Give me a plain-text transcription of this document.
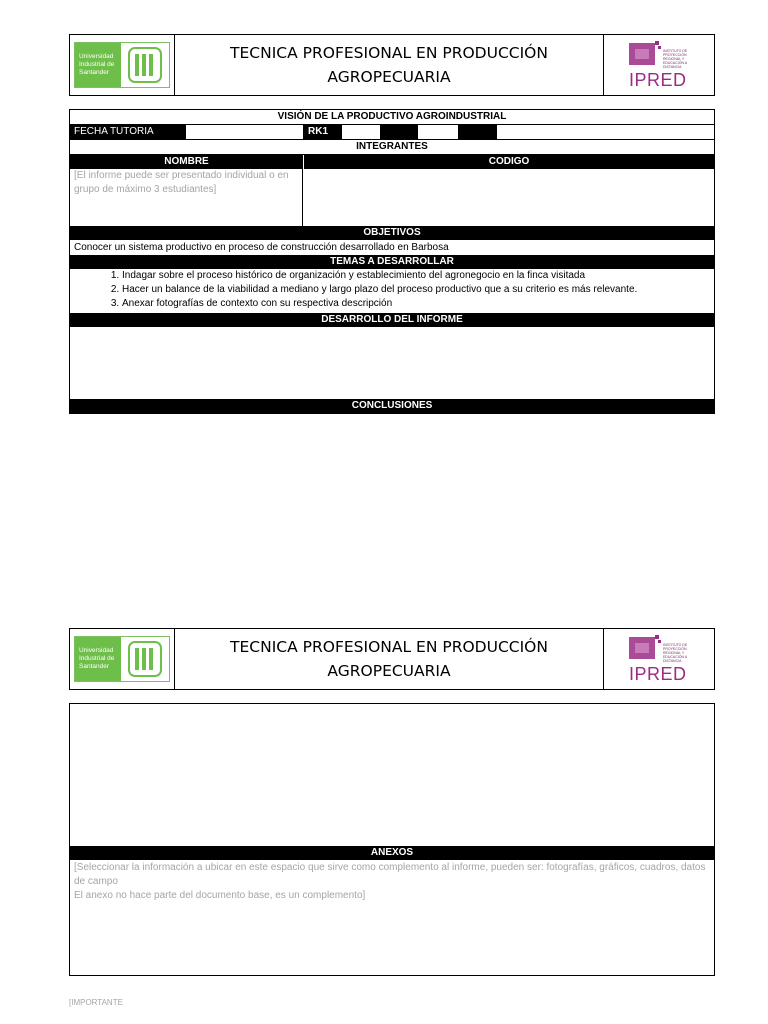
Universidad
Industrial de
Santander
TECNICA PROFESIONAL EN PRODUCCIÓN
AGROPECUARIA
INSTITUTO DE PROYECCIÓN REGIONAL Y EDUCACIÓN A DISTANCIA
IPRED
VISIÓN DE LA PRODUCTIVO AGROINDUSTRIAL
FECHA TUTORIA	RK1
INTEGRANTES
NOMBRE	CODIGO
[El informe puede ser presentado individual o en grupo de máximo 3 estudiantes]
OBJETIVOS
Conocer un sistema productivo en proceso de construcción desarrollado en Barbosa
TEMAS A DESARROLLAR
1. Indagar sobre el proceso histórico de organización y establecimiento del agronegocio en la finca visitada
2. Hacer un balance de la viabilidad a mediano y largo plazo del proceso productivo que a su criterio es más relevante.
3. Anexar fotografías de contexto con su respectiva descripción
DESARROLLO DEL INFORME
CONCLUSIONES
Universidad
Industrial de
Santander
TECNICA PROFESIONAL EN PRODUCCIÓN
AGROPECUARIA
INSTITUTO DE PROYECCIÓN REGIONAL Y EDUCACIÓN A DISTANCIA
IPRED
ANEXOS
[Seleccionar la información a ubicar en este espacio que sirve como complemento al informe, pueden ser: fotografías, gráficos, cuadros, datos de campo
El anexo no hace parte del documento base, es un complemento]
[IMPORTANTE
